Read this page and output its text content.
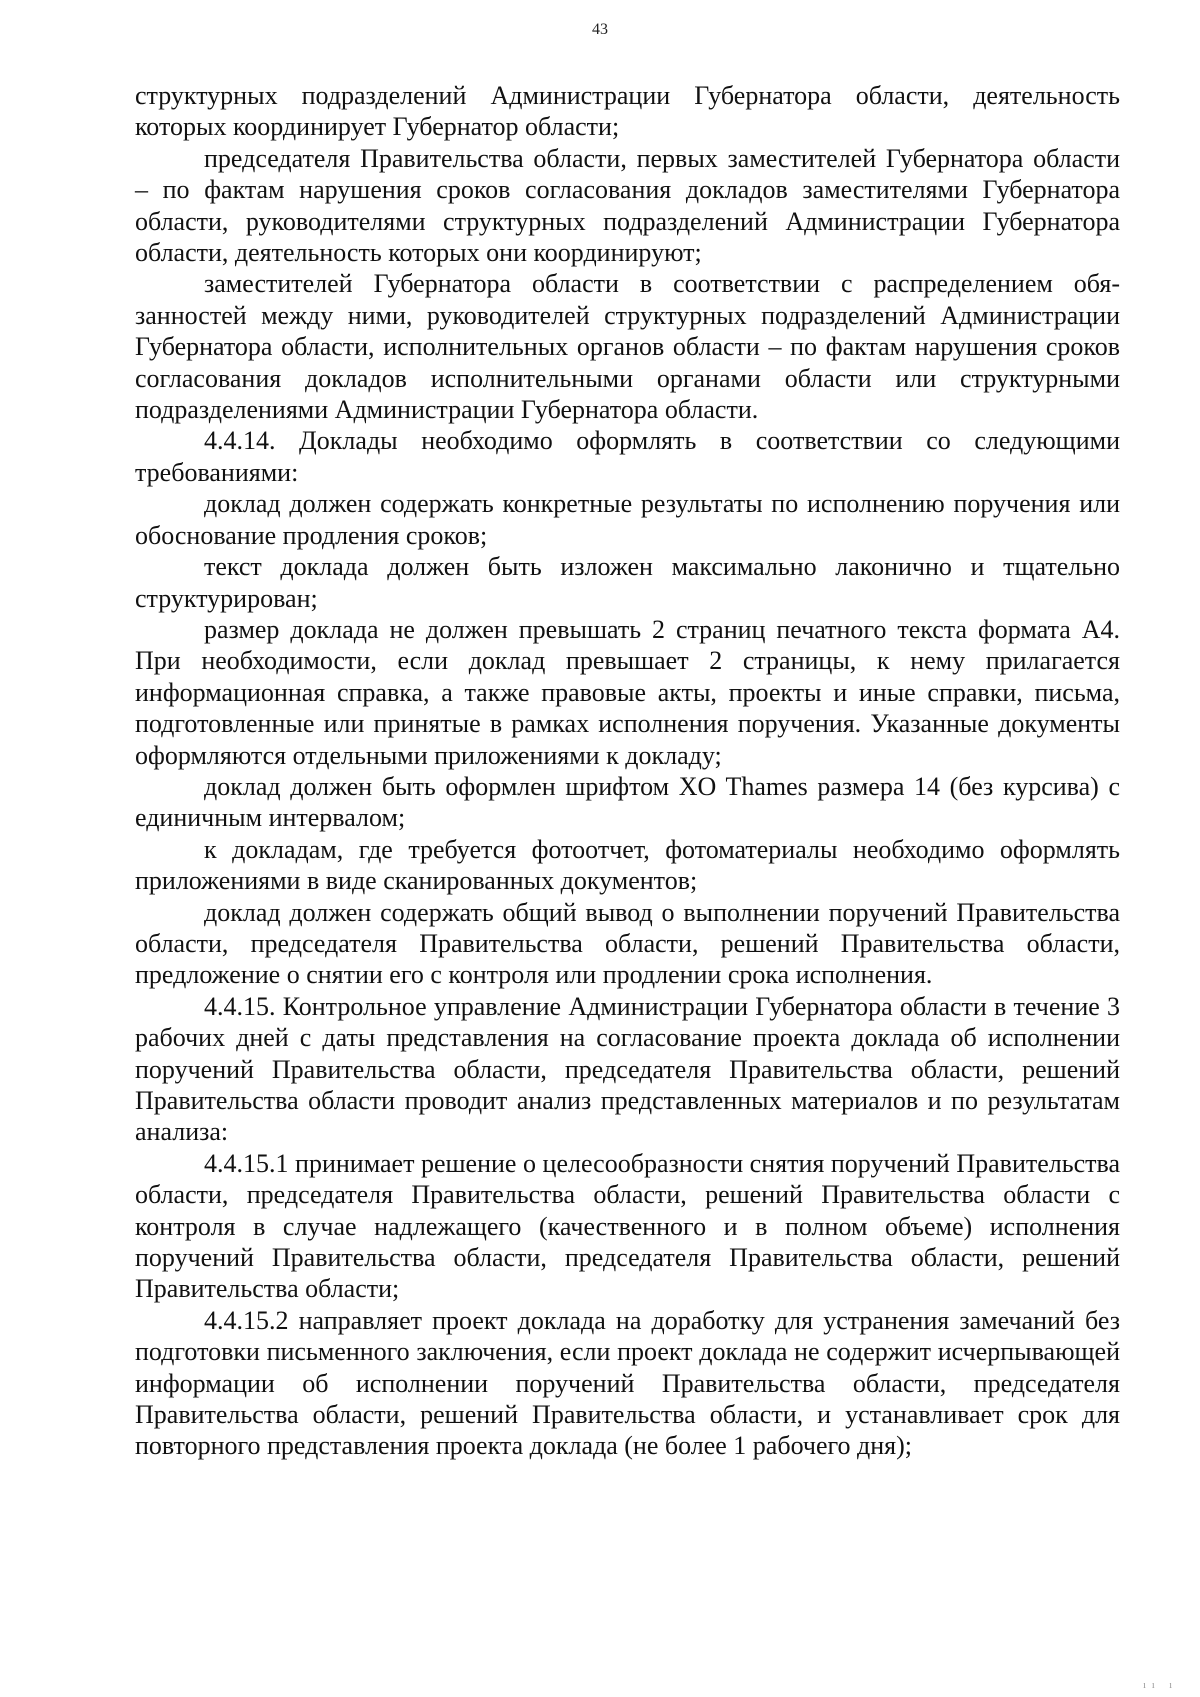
43

структурных подразделений Администрации Губернатора области, деятельность которых координирует Губернатор области;

председателя Правительства области, первых заместителей Губернатора области – по фактам нарушения сроков согласования докладов заместителями Губернатора области, руководителями структурных подразделений Администрации Губернатора области, деятельность которых они координируют;

заместителей Губернатора области в соответствии с распределением обязанностей между ними, руководителей структурных подразделений Администрации Губернатора области, исполнительных органов области – по фактам нарушения сроков согласования докладов исполнительными органами области или структурными подразделениями Администрации Губернатора области.

4.4.14. Доклады необходимо оформлять в соответствии со следующими требованиями:

доклад должен содержать конкретные результаты по исполнению поручения или обоснование продления сроков;

текст доклада должен быть изложен максимально лаконично и тщательно структурирован;

размер доклада не должен превышать 2 страниц печатного текста формата А4. При необходимости, если доклад превышает 2 страницы, к нему прилагается информационная справка, а также правовые акты, проекты и иные справки, письма, подготовленные или принятые в рамках исполнения поручения. Указанные документы оформляются отдельными приложениями к докладу;

доклад должен быть оформлен шрифтом XO Thames размера 14 (без курсива) с единичным интервалом;

к докладам, где требуется фотоотчет, фотоматериалы необходимо оформлять приложениями в виде сканированных документов;

доклад должен содержать общий вывод о выполнении поручений Правительства области, председателя Правительства области, решений Правительства области, предложение о снятии его с контроля или продлении срока исполнения.

4.4.15. Контрольное управление Администрации Губернатора области в течение 3 рабочих дней с даты представления на согласование проекта доклада об исполнении поручений Правительства области, председателя Правительства области, решений Правительства области проводит анализ представленных материалов и по результатам анализа:

4.4.15.1 принимает решение о целесообразности снятия поручений Правительства области, председателя Правительства области, решений Правительства области с контроля в случае надлежащего (качественного и в полном объеме) исполнения поручений Правительства области, председателя Правительства области, решений Правительства области;

4.4.15.2 направляет проект доклада на доработку для устранения замечаний без подготовки письменного заключения, если проект доклада не содержит исчерпывающей информации об исполнении поручений Правительства области, председателя Правительства области, решений Правительства области, и устанавливает срок для повторного представления проекта доклада (не более 1 рабочего дня);

ıı ı
